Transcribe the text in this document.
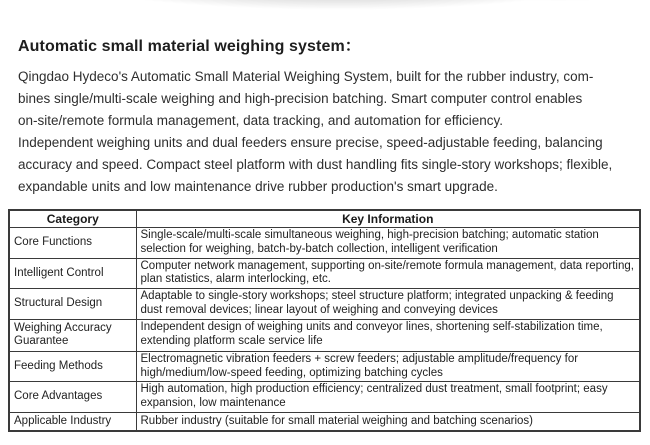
Automatic small material weighing system：
Qingdao Hydeco's Automatic Small Material Weighing System, built for the rubber industry, com-
bines single/multi-scale weighing and high-precision batching. Smart computer control enables
on-site/remote formula management, data tracking, and automation for efficiency.
Independent weighing units and dual feeders ensure precise, speed-adjustable feeding, balancing
accuracy and speed. Compact steel platform with dust handling fits single-story workshops; flexible,
expandable units and low maintenance drive rubber production's smart upgrade.
Category	Key Information
Core Functions	Single-scale/multi-scale simultaneous weighing, high-precision batching; automatic station selection for weighing, batch-by-batch collection, intelligent verification
Intelligent Control	Computer network management, supporting on-site/remote formula management, data reporting, plan statistics, alarm interlocking, etc.
Structural Design	Adaptable to single-story workshops; steel structure platform; integrated unpacking & feeding dust removal devices; linear layout of weighing and conveying devices
Weighing Accuracy Guarantee	Independent design of weighing units and conveyor lines, shortening self-stabilization time, extending platform scale service life
Feeding Methods	Electromagnetic vibration feeders + screw feeders; adjustable amplitude/frequency for high/medium/low-speed feeding, optimizing batching cycles
Core Advantages	High automation, high production efficiency; centralized dust treatment, small footprint; easy expansion, low maintenance
Applicable Industry	Rubber industry (suitable for small material weighing and batching scenarios)
